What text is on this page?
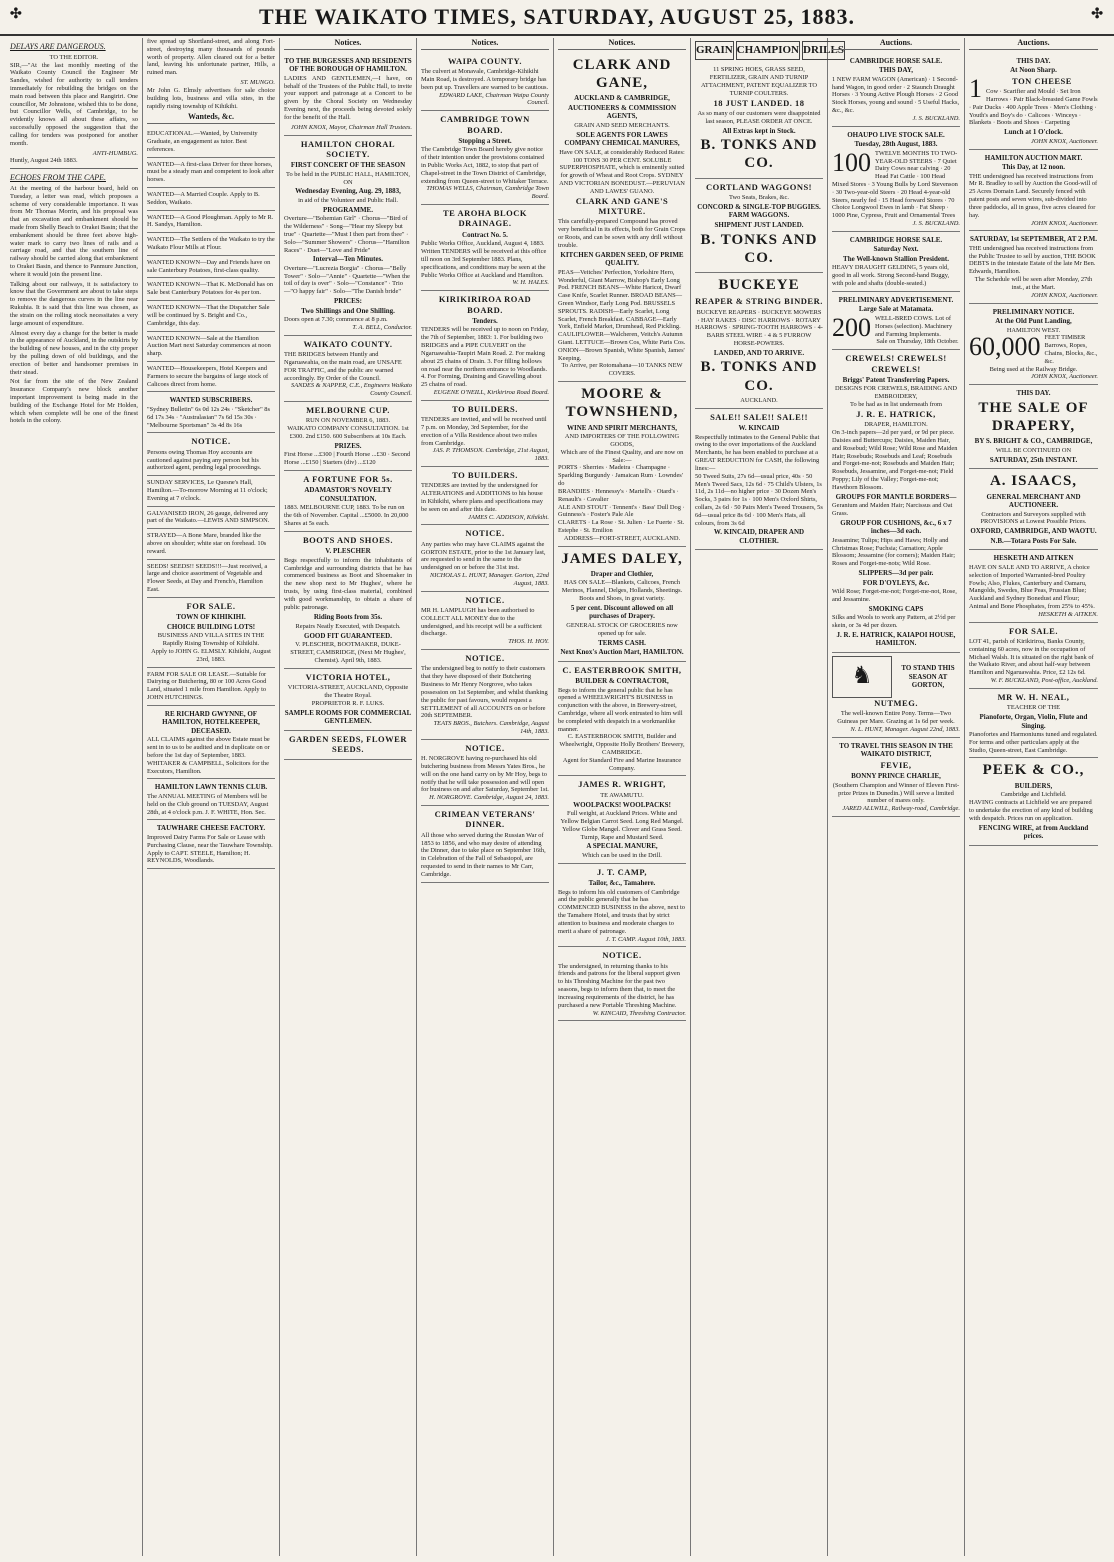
✣	THE WAIKATO TIMES, SATURDAY, AUGUST 25, 1883.	✣
DELAYS ARE DANGEROUS.
TO THE EDITOR.

SIR,—"At the last monthly meeting of the Waikato County Council the Engineer Mr Sandes, wished for authority to call tenders immediately for rebuilding the bridges on the main road between this place and Rangiriri. One councillor, Mr Johnstone, wished this to be done, but Councillor Wells, of Cambridge, to be evidently knows all about these affairs, so successfully opposed the suggestion that the calling for tenders was postponed for another month.

ANTI-HUMBUG.
Huntly, August 24th 1883.
ECHOES FROM THE CAPE.

At the meeting of the harbour board, held on Tuesday, a letter was read, which proposes a scheme of very considerable importance. It was from Mr Thomas Morrin, and his proposal was that an excavation and embankment should be made from Shelly Beach to Orakei Basin; that the embankment should be three feet above high-water mark to carry two lines of rails and a carriage road, and that the southern line of railway should be carried along that embankment to Orakei Basin, and thence to Panmure Junction, where it would join the present line.

Talking about our railways, it is satisfactory to know that the Government are about to take steps to remove the dangerous curves in the line near Rukuhia. It is said that this line was chosen, as the strain on the rolling stock necessitates a very large amount of expenditure.

Almost every day a change for the better is made in the appearance of Auckland, in the outskirts by the building of new houses, and in the city proper by the pulling down of old buildings, and the erection of better and handsomer premises in their stead.

Not far from the site of the New Zealand Insurance Company's new block another important improvement is being made in the building of the Exchange Hotel for Mr Holden, which when complete will be one of the finest hotels in the colony.

five spread up Shortland-street, and along Fort-street, destroying many thousands of pounds worth of property. Allen cleared out for a better land, leaving his unfortunate partner, Hills, a ruined man.

ST. MUNGO.

Mr John G. Elmsly advertises for sale choice building lots, business and villa sites, in the rapidly rising township of Kihikihi.

Wanteds, &c.
EDUCATIONAL.—Wanted, by University Graduate, an engagement as tutor. Best references.
WANTED—A first-class Driver for three horses, must be a steady man and competent to look after horses.
WANTED—A Married Couple. Apply to B. Seddon, Waikato.
WANTED—A Good Ploughman. Apply to Mr R. H. Sandys, Hamilton.
WANTED—The Settlers of the Waikato to try the Waikato Flour Mills at Flour.
WANTED KNOWN—Day and Friends have on sale Canterbury Potatoes, first-class quality.
WANTED KNOWN—That K. McDonald has on Sale best Canterbury Potatoes for 4s per ton.
WANTED KNOWN—That the Dispatcher Sale will be continued by S. Bright and Co., Cambridge, this day.
WANTED KNOWN—Sale at the Hamilton Auction Mart next Saturday commences at noon sharp.
WANTED—Housekeepers, Hotel Keepers and Farmers to secure the bargains of large stock of Calicoes direct from home.
WANTED SUBSCRIBERS.
"Sydney Bulletin" 6s 0d 12s 24s · "Sketcher" 8s 6d 17s 34s · "Australasian" 7s 6d 15s 30s · "Melbourne Sportsman" 3s 4d 8s 16s
NOTICE.
Persons owing Thomas Hoy accounts are cautioned against paying any person but his authorized agent, pending legal proceedings.
SUNDAY SERVICES, Le Quesne's Hall, Hamilton.—To-morrow Morning at 11 o'clock; Evening at 7 o'clock.
GALVANISED IRON, 26 gauge, delivered any part of the Waikato.—LEWIS AND SIMPSON.
STRAYED—A Bone Mare, branded like the above on shoulder; white star on forehead. 10s reward.
SEEDS! SEEDS!! SEEDS!!!—Just received, a large and choice assortment of Vegetable and Flower Seeds, at Day and French's, Hamilton East.
FOR SALE.
TOWN OF KIHIKIHI.
CHOICE BUILDING LOTS!
BUSINESS AND VILLA SITES IN THE Rapidly Rising Township of Kihikihi.
Apply to JOHN G. ELMSLY. Kihikihi, August 23rd, 1883.
FARM FOR SALE OR LEASE.—Suitable for Dairying or Butchering, 80 or 100 Acres Good Land, situated 1 mile from Hamilton. Apply to JOHN HUTCHINGS.
RE RICHARD GWYNNE, OF HAMILTON, HOTELKEEPER, DECEASED.
ALL CLAIMS against the above Estate must be sent in to us to be audited and in duplicate on or before the 1st day of September, 1883. WHITAKER & CAMPBELL, Solicitors for the Executors, Hamilton.
HAMILTON LAWN TENNIS CLUB.
The ANNUAL MEETING of Members will be held on the Club ground on TUESDAY, August 28th, at 4 o'clock p.m. J. F. WHITE, Hon. Sec.
TAUWHARE CHEESE FACTORY.
Improved Dairy Farms For Sale or Lease with Purchasing Clause, near the Tauwhare Township. Apply to CAPT. STEELE, Hamilton; H. REYNOLDS, Woodlands.
Notices.
TO THE BURGESSES AND RESIDENTS OF THE BOROUGH OF HAMILTON.

LADIES AND GENTLEMEN,—I have, on behalf of the Trustees of the Public Hall, to invite your support and patronage at a Concert to be given by the Choral Society on Wednesday Evening next, the proceeds being devoted solely for the benefit of the Hall.

JOHN KNOX, Mayor, Chairman Hall Trustees.
HAMILTON CHORAL SOCIETY.
FIRST CONCERT OF THE SEASON
To be held in the PUBLIC HALL, HAMILTON, ON
Wednesday Evening, Aug. 29, 1883,
in aid of the Volunteer and Public Hall.
PROGRAMME.
Overture—"Bohemian Girl" · Chorus—"Bird of the Wilderness" · Song—"Hear my Sleepy but true" · Quartette—"Must I then part from thee" · Solo—"Summer Showers" · Chorus—"Hamilton Races" · Duet—"Love and Pride"
Interval—Ten Minutes.
Overture—"Lucrezia Borgia" · Chorus—"Belly Tower" · Solo—"Annie" · Quartette—"When the toil of day is over" · Solo—"Constance" · Trio—"O happy fair" · Solo—"The Danish bride"
PRICES:
Two Shillings and One Shilling.
Doors open at 7.30; commence at 8 p.m.
T. A. BELL, Conductor.
WAIKATO COUNTY.
THE BRIDGES between Huntly and Ngaruawahia, on the main road, are UNSAFE FOR TRAFFIC, and the public are warned accordingly. By Order of the Council.
SANDES & NAPPER, C.E., Engineers Waikato County Council.
MELBOURNE CUP.
RUN ON NOVEMBER 6, 1883.
WAIKATO COMPANY CONSULTATION. 1st £300. 2nd £150. 600 Subscribers at 10s Each.
PRIZES.
First Horse ...£300 | Fourth Horse ...£30 · Second Horse ...£150 | Starters (div) ...£120
A FORTUNE FOR 5s.
ADAMASTOR'S NOVELTY CONSULTATION.
1883. MELBOURNE CUP, 1883. To be run on the 6th of November. Capital ...£5000. In 20,000 Shares at 5s each.
BOOTS AND SHOES.
V. PLESCHER

Begs respectfully to inform the inhabitants of Cambridge and surrounding districts that he has commenced business as Boot and Shoemaker in the new shop next to Mr Hughes', where he trusts, by using first-class material, combined with good workmanship, to obtain a share of public patronage.

Riding Boots from 35s.
Repairs Neatly Executed, with Despatch.
GOOD FIT GUARANTEED.
V. PLESCHER, BOOTMAKER, DUKE-STREET, CAMBRIDGE, (Next Mr Hughes', Chemist). April 9th, 1883.
VICTORIA HOTEL,
VICTORIA-STREET, AUCKLAND, Opposite the Theatre Royal.
PROPRIETOR R. F. LUKS.
SAMPLE ROOMS FOR COMMERCIAL GENTLEMEN.
GARDEN SEEDS, FLOWER SEEDS.
Notices.
WAIPA COUNTY.
The culvert at Monavale, Cambridge-Kihikihi Main Road, is destroyed. A temporary bridge has been put up. Travellers are warned to be cautious.
EDWARD LAKE, Chairman Waipa County Council.
CAMBRIDGE TOWN BOARD.
Stopping a Street.
The Cambridge Town Board hereby give notice of their intention under the provisions contained in Public Works Act, 1882, to stop that part of Chapel-street in the Town District of Cambridge, extending from Queen-street to Whitaker Terrace.
THOMAS WELLS, Chairman, Cambridge Town Board.
TE AROHA BLOCK DRAINAGE.
Contract No. 5.
Public Works Office, Auckland, August 4, 1883. Written TENDERS will be received at this office till noon on 3rd September 1883. Plans, specifications, and conditions may be seen at the Public Works Office at Auckland and Hamilton.
W. H. HALES.
KIRIKIRIROA ROAD BOARD.
Tenders.
TENDERS will be received up to noon on Friday, the 7th of September, 1883: 1. For building two BRIDGES and a PIPE CULVERT on the Ngaruawahia-Taupiri Main Road. 2. For making about 25 chains of Drain. 3. For filling hollows on road near the northern entrance to Woodlands. 4. For Forming, Draining and Gravelling about 25 chains of road.
EUGENE O'NEILL, Kirikiriroa Road Board.
TO BUILDERS.
TENDERS are invited, and will be received until 7 p.m. on Monday, 3rd September, for the erection of a Villa Residence about two miles from Cambridge.
JAS. P. THOMSON. Cambridge, 21st August, 1883.
TO BUILDERS.
TENDERS are invited by the undersigned for ALTERATIONS and ADDITIONS to his house in Kihikihi, where plans and specifications may be seen on and after this date.
JAMES C. ADDISON, Kihikihi.
NOTICE.
Any parties who may have CLAIMS against the GORTON ESTATE, prior to the 1st January last, are requested to send in the same to the undersigned on or before the 31st inst.
NICHOLAS L. HUNT, Manager. Gorton, 22nd August, 1883.
NOTICE.
MR H. LAMPLUGH has been authorised to COLLECT ALL MONEY due to the undersigned, and his receipt will be a sufficient discharge.
THOS. H. HOY.
NOTICE.
The undersigned beg to notify to their customers that they have disposed of their Butchering Business to Mr Henry Norgrove, who takes possession on 1st September, and whilst thanking the public for past favours, would request a SETTLEMENT of all ACCOUNTS on or before 20th SEPTEMBER.
TEATS BROS., Butchers. Cambridge, August 14th, 1883.
NOTICE.
H. NORGROVE having re-purchased his old butchering business from Messrs Yates Bros., he will on the one hand carry on by Mr Hoy, begs to notify that he will take possession and will open for business on and after Saturday, September 1st.
H. NORGROVE. Cambridge, August 24, 1883.
CRIMEAN VETERANS' DINNER.
All those who served during the Russian War of 1853 to 1856, and who may desire of attending the Dinner, due to take place on September 16th, in Celebration of the Fall of Sebastopol, are requested to send in their names to Mr Carr, Cambridge.
Notices.
CLARK AND GANE,
AUCKLAND & CAMBRIDGE,
AUCTIONEERS & COMMISSION AGENTS,
GRAIN AND SEED MERCHANTS.
SOLE AGENTS FOR LAWES COMPANY CHEMICAL MANURES,
Have ON SALE, at considerably Reduced Rates: 100 TONS 30 PER CENT. SOLUBLE SUPERPHOSPHATE, which is eminently suited for growth of Wheat and Root Crops. SYDNEY AND VICTORIAN BONEDUST.—PERUVIAN AND LAWES' GUANO.
CLARK AND GANE'S MIXTURE.
This carefully-prepared Compound has proved very beneficial in its effects, both for Grain Crops or Roots, and can be sown with any drill without trouble.
KITCHEN GARDEN SEED, OF PRIME QUALITY.
PEAS—Veitches' Perfection, Yorkshire Hero, Wonderful, Giant Marrow, Bishop's Early Long Pod. FRENCH BEANS—White Haricot, Dwarf Case Knife, Scarlet Runner. BROAD BEANS—Green Windsor, Early Long Pod. BRUSSELS SPROUTS. RADISH—Early Scarlet, Long Scarlet, French Breakfast. CABBAGE—Early York, Enfield Market, Drumhead, Red Pickling. CAULIFLOWER—Walcheren, Veitch's Autumn Giant. LETTUCE—Brown Cos, White Paris Cos. ONION—Brown Spanish, White Spanish, James' Keeping.
To Arrive, per Rotomahana—10 TANKS NEW COVERS.
MOORE & TOWNSHEND,
WINE AND SPIRIT MERCHANTS,
AND IMPORTERS OF THE FOLLOWING GOODS,
Which are of the Finest Quality, and are now on Sale:—
PORTS · Sherries · Madeira · Champagne · Sparkling Burgundy · Jamaican Rum · Lowndes' do
BRANDIES · Hennessy's · Martell's · Otard's · Renault's · Cavalier
ALE AND STOUT · Tennent's · Bass' Dull Dog · Guinness's · Foster's Pale Ale
CLARETS · La Rose · St. Julien · Le Fuerte · St. Estephe · St. Emilion
ADDRESS—FORT-STREET, AUCKLAND.
JAMES DALEY,
Draper and Clothier,
HAS ON SALE—Blankets, Calicoes, French Merinos, Flannel, Delges, Hollands, Sheetings. Boots and Shoes, in great variety.
5 per cent. Discount allowed on all purchases of Drapery.
GENERAL STOCK OF GROCERIES now opened up for sale.
TERMS CASH.
Next Knox's Auction Mart, HAMILTON.
C. EASTERBROOK SMITH,
BUILDER & CONTRACTOR,
Begs to inform the general public that he has opened a WHEELWRIGHT'S BUSINESS in conjunction with the above, in Brewery-street, Cambridge, where all work entrusted to him will be completed with despatch in a workmanlike manner.
C. EASTERBROOK SMITH, Builder and Wheelwright, Opposite Holly Brothers' Brewery, CAMBRIDGE.
Agent for Standard Fire and Marine Insurance Company.
JAMES R. WRIGHT,
TE AWAMUTU.
WOOLPACKS! WOOLPACKS!
Full weight, at Auckland Prices. White and Yellow Belgian Carrot Seed. Long Red Mangel. Yellow Globe Mangel. Clover and Grass Seed. Turnip, Rape and Mustard Seed.
A SPECIAL MANURE,
Which can be used in the Drill.
J. T. CAMP,
Tailor, &c., Tamahere.
Begs to inform his old customers of Cambridge and the public generally that he has COMMENCED BUSINESS in the above, next to the Tamahere Hotel, and trusts that by strict attention to business and moderate charges to merit a share of patronage.
J. T. CAMP. August 10th, 1883.
NOTICE.
The undersigned, in returning thanks to his friends and patrons for the liberal support given to his Threshing Machine for the past two seasons, begs to inform them that, to meet the increasing requirements of the district, he has purchased a new Portable Threshing Machine.
W. KINCAID, Threshing Contractor.
GRAIN CHAMPION DRILLS
11 SPRING HOES, GRASS SEED, FERTILIZER, GRAIN AND TURNIP ATTACHMENT, PATENT EQUALIZER TO TURNIP COULTERS.
18 JUST LANDED. 18
As so many of our customers were disappointed last season, PLEASE ORDER AT ONCE.
All Extras kept in Stock.
B. TONKS AND CO.
CORTLAND WAGGONS!
Two Seats, Brakes, &c.
CONCORD & SINGLE-TOP BUGGIES. FARM WAGGONS.
SHIPMENT JUST LANDED.
B. TONKS AND CO.
BUCKEYE
REAPER & STRING BINDER.
BUCKEYE REAPERS · BUCKEYE MOWERS · HAY RAKES · DISC HARROWS · ROTARY HARROWS · SPRING-TOOTH HARROWS · 4-BARB STEEL WIRE · 4 & 5 FURROW HORSE-POWERS.
LANDED, AND TO ARRIVE.
B. TONKS AND CO.
AUCKLAND.
SALE!! SALE!! SALE!!
W. KINCAID
Respectfully intimates to the General Public that owing to the over importations of the Auckland Merchants, he has been enabled to purchase at a GREAT REDUCTION for CASH, the following lines:—
50 Tweed Suits, 27s 6d—usual price, 40s · 50 Men's Tweed Sacs, 12s 6d · 75 Child's Ulsters, 1s 11d, 2s 11d—no higher price · 30 Dozen Men's Socks, 3 pairs for 1s · 100 Men's Oxford Shirts, collars, 2s 6d · 50 Pairs Men's Tweed Trousers, 5s 6d—usual price 8s 6d · 100 Men's Hats, all colours, from 3s 6d
W. KINCAID, DRAPER AND CLOTHIER.
Auctions.
CAMBRIDGE HORSE SALE.
THIS DAY,
1 NEW FARM WAGON (American) · 1 Second-hand Wagon, in good order · 2 Staunch Draught Horses · 3 Young Active Plough Horses · 2 Good Stock Horses, young and sound · 5 Useful Hacks, &c., &c.
J. S. BUCKLAND.
OHAUPO LIVE STOCK SALE.
Tuesday, 28th August, 1883.
100 TWELVE MONTHS TO TWO-YEAR-OLD STEERS · 7 Quiet Dairy Cows near calving · 20 Head Fat Cattle · 100 Head Mixed Stores · 3 Young Bulls by Lord Stevenson · 30 Two-year-old Steers · 20 Head 4-year-old Steers, nearly fed · 15 Head forward Stores · 70 Choice Longwool Ewes in lamb · Fat Sheep · 1000 Pine, Cypress, Fruit and Ornamental Trees
J. S. BUCKLAND.
CAMBRIDGE HORSE SALE.
Saturday Next.
The Well-known Stallion President.
HEAVY DRAUGHT GELDING, 5 years old, good in all work. Strong Second-hand Buggy, with pole and shafts (double-seated.)
PRELIMINARY ADVERTISEMENT.
Large Sale at Matamata.
200 WELL-BRED COWS. Lot of Horses (selection). Machinery and Farming Implements.
Sale on Thursday, 18th October.
CREWELS! CREWELS! CREWELS!
Briggs' Patent Transferring Papers.
DESIGNS FOR CREWELS, BRAIDING AND EMBROIDERY,
To be had as in list underneath from
J. R. E. HATRICK,
DRAPER, HAMILTON.
On 3-inch papers—2d per yard, or 9d per piece. Daisies and Buttercups; Daisies, Maiden Hair, and Rosebud; Wild Rose; Wild Rose and Maiden Hair; Rosebuds; Rosebuds and Leaf; Rosebuds and Forget-me-not; Rosebuds and Maiden Hair; Rosebuds, Jessamine, and Forget-me-not; Field Poppy; Lily of the Valley; Forget-me-not; Hawthorn Blossom.
GROUPS FOR MANTLE BORDERS—
Geranium and Maiden Hair; Narcissus and Oat Grass.
GROUP FOR CUSHIONS, &c., 6 x 7 inches—3d each.
Jessamine; Tulips; Hips and Haws; Holly and Christmas Rose; Fuchsia; Carnation; Apple Blossom; Jessamine (for corners); Maiden Hair; Roses and Forget-me-nots; Wild Rose.
SLIPPERS—3d per pair.
FOR D'OYLEYS, &c.
Wild Rose; Forget-me-not; Forget-me-not, Rose, and Jessamine.
SMOKING CAPS
Silks and Wools to work any Pattern, at 2½d per skein, or 3s 4d per dozen.
J. R. E. HATRICK, KAIAPOI HOUSE, HAMILTON.
♞	TO STAND THIS SEASON AT GORTON,
NUTMEG.
The well-known Entire Pony. Terms—Two Guineas per Mare. Grazing at 1s 6d per week.
N. L. HUNT, Manager. August 22nd, 1883.
TO TRAVEL THIS SEASON IN THE WAIKATO DISTRICT,
FEVIE,
BONNY PRINCE CHARLIE,
(Southern Champion and Winner of Eleven First-prize Prizes in Dunedin.) Will serve a limited number of mares only.
JARED ALLWILL, Railway-road, Cambridge.
Auctions.
THIS DAY.
At Noon Sharp.
1	TON CHEESE
Cow · Scarifier and Mould · Set Iron Harrows · Pair Black-breasted Game Fowls · Pair Ducks · 400 Apple Trees · Men's Clothing · Youth's and Boy's do · Calicoes · Winceys · Blankets · Boots and Shoes · Carpeting
Lunch at 1 O'clock.
JOHN KNOX, Auctioneer.
HAMILTON AUCTION MART.
This Day, at 12 noon.
THE undersigned has received instructions from Mr R. Bradley to sell by Auction the Good-will of 25 Acres Domain Land. Securely fenced with patent posts and seven wires, sub-divided into three paddocks, all in grass, five acres cleared for hay.
JOHN KNOX, Auctioneer.
SATURDAY, 1st SEPTEMBER, AT 2 P.M.
THE undersigned has received instructions from the Public Trustee to sell by auction, THE BOOK DEBTS in the intestate Estate of the late Mr Ben. Edwards, Hamilton.
The Schedule will be seen after Monday, 27th inst., at the Mart.
JOHN KNOX, Auctioneer.
PRELIMINARY NOTICE.
At the Old Punt Landing,
HAMILTON WEST.
60,000 FEET TIMBER Barrows, Ropes, Chains, Blocks, &c., &c.
Being used at the Railway Bridge.
JOHN KNOX, Auctioneer.
THIS DAY.
THE SALE OF DRAPERY,
BY S. BRIGHT & CO., CAMBRIDGE,
WILL BE CONTINUED ON
SATURDAY, 25th INSTANT.
A. ISAACS,
GENERAL MERCHANT AND AUCTIONEER.
Contractors and Surveyors supplied with PROVISIONS at Lowest Possible Prices.
OXFORD, CAMBRIDGE, AND WAOTU.
N.B.—Totara Posts For Sale.
HESKETH AND AITKEN
HAVE ON SALE AND TO ARRIVE, A choice selection of Imported Warranted-bred Poultry Fowls; Also, Flukes, Canterbury and Oamaru, Mangolds, Swedes, Blue Peas, Prussian Blue; Auckland and Sydney Bonedust and Flour; Animal and Bone Phosphates, from 25% to 45%.
HESKETH & AITKEN.
FOR SALE.
LOT 41, parish of Kirikiriroa, Banks County, containing 60 acres, now in the occupation of Michael Walsh. It is situated on the right bank of the Waikato River, and about half-way between Hamilton and Ngaruawahia. Price, £2 12s 6d.
W. F. BUCKLAND, Post-office, Auckland.
MR W. H. NEAL,
TEACHER OF THE
Pianoforte, Organ, Violin, Flute and Singing.
Pianofortes and Harmoniums tuned and regulated. For terms and other particulars apply at the Studio, Queen-street, East Cambridge.
PEEK & CO.,
BUILDERS,
Cambridge and Lichfield.
HAVING contracts at Lichfield we are prepared to undertake the erection of any kind of building with despatch. Prices run on application.
FENCING WIRE, at from Auckland prices.
